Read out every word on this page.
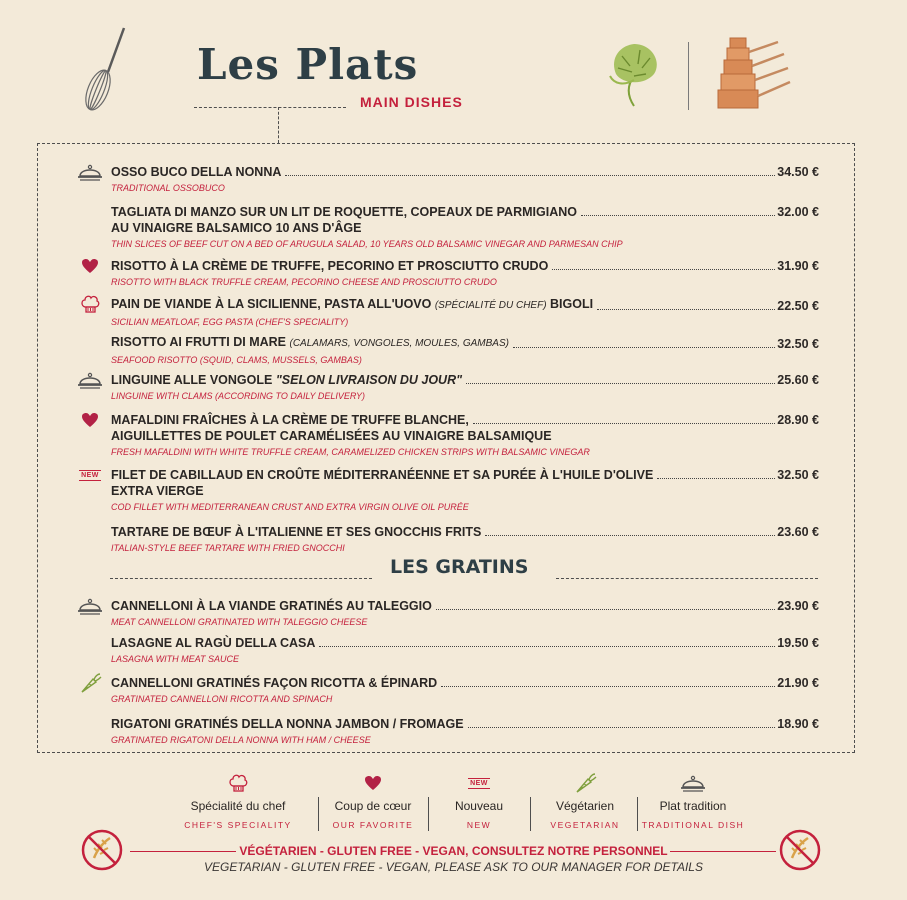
Les Plats
MAIN DISHES
NEW
OSSO BUCO DELLA NONNA	34.50 €
TRADITIONAL OSSOBUCO
TAGLIATA DI MANZO SUR UN LIT DE ROQUETTE, COPEAUX DE PARMIGIANO	32.00 €
AU VINAIGRE BALSAMICO 10 ANS D'ÂGE
THIN SLICES OF BEEF CUT ON A BED OF ARUGULA SALAD, 10 YEARS OLD BALSAMIC VINEGAR AND PARMESAN CHIP
RISOTTO À LA CRÈME DE TRUFFE, PECORINO ET PROSCIUTTO CRUDO	31.90 €
RISOTTO WITH BLACK TRUFFLE CREAM, PECORINO CHEESE AND PROSCIUTTO CRUDO
PAIN DE VIANDE À LA SICILIENNE, PASTA ALL'UOVO (SPÉCIALITÉ DU CHEF) BIGOLI	22.50 €
SICILIAN MEATLOAF, EGG PASTA (CHEF'S SPECIALITY)
RISOTTO AI FRUTTI DI MARE (CALAMARS, VONGOLES, MOULES, GAMBAS)	32.50 €
SEAFOOD RISOTTO (SQUID, CLAMS, MUSSELS, GAMBAS)
LINGUINE ALLE VONGOLE "SELON LIVRAISON DU JOUR"	25.60 €
LINGUINE WITH CLAMS (ACCORDING TO DAILY DELIVERY)
MAFALDINI FRAÎCHES À LA CRÈME DE TRUFFE BLANCHE,	28.90 €
AIGUILLETTES DE POULET CARAMÉLISÉES AU VINAIGRE BALSAMIQUE
FRESH MAFALDINI WITH WHITE TRUFFLE CREAM, CARAMELIZED CHICKEN STRIPS WITH BALSAMIC VINEGAR
FILET DE CABILLAUD EN CROÛTE MÉDITERRANÉENNE ET SA PURÉE À L'HUILE D'OLIVE	32.50 €
EXTRA VIERGE
COD FILLET WITH MEDITERRANEAN CRUST AND EXTRA VIRGIN OLIVE OIL PURÉE
TARTARE DE BŒUF À L'ITALIENNE ET SES GNOCCHIS FRITS	23.60 €
ITALIAN-STYLE BEEF TARTARE WITH FRIED GNOCCHI
LES GRATINS
CANNELLONI À LA VIANDE GRATINÉS AU TALEGGIO	23.90 €
MEAT CANNELLONI GRATINATED WITH TALEGGIO CHEESE
LASAGNE AL RAGÙ DELLA CASA	19.50 €
LASAGNA WITH MEAT SAUCE
CANNELLONI GRATINÉS FAÇON RICOTTA & ÉPINARD	21.90 €
GRATINATED CANNELLONI RICOTTA AND SPINACH
RIGATONI GRATINÉS DELLA NONNA JAMBON / FROMAGE	18.90 €
GRATINATED RIGATONI DELLA NONNA WITH HAM / CHEESE
Spécialité du chef
CHEF'S SPECIALITY
Coup de cœur
OUR FAVORITE
NEW
Nouveau
NEW
Végétarien
VEGETARIAN
Plat tradition
TRADITIONAL DISH
VÉGÉTARIEN - GLUTEN FREE - VEGAN, CONSULTEZ NOTRE PERSONNEL
VEGETARIAN - GLUTEN FREE - VEGAN, PLEASE ASK TO OUR MANAGER FOR DETAILS
